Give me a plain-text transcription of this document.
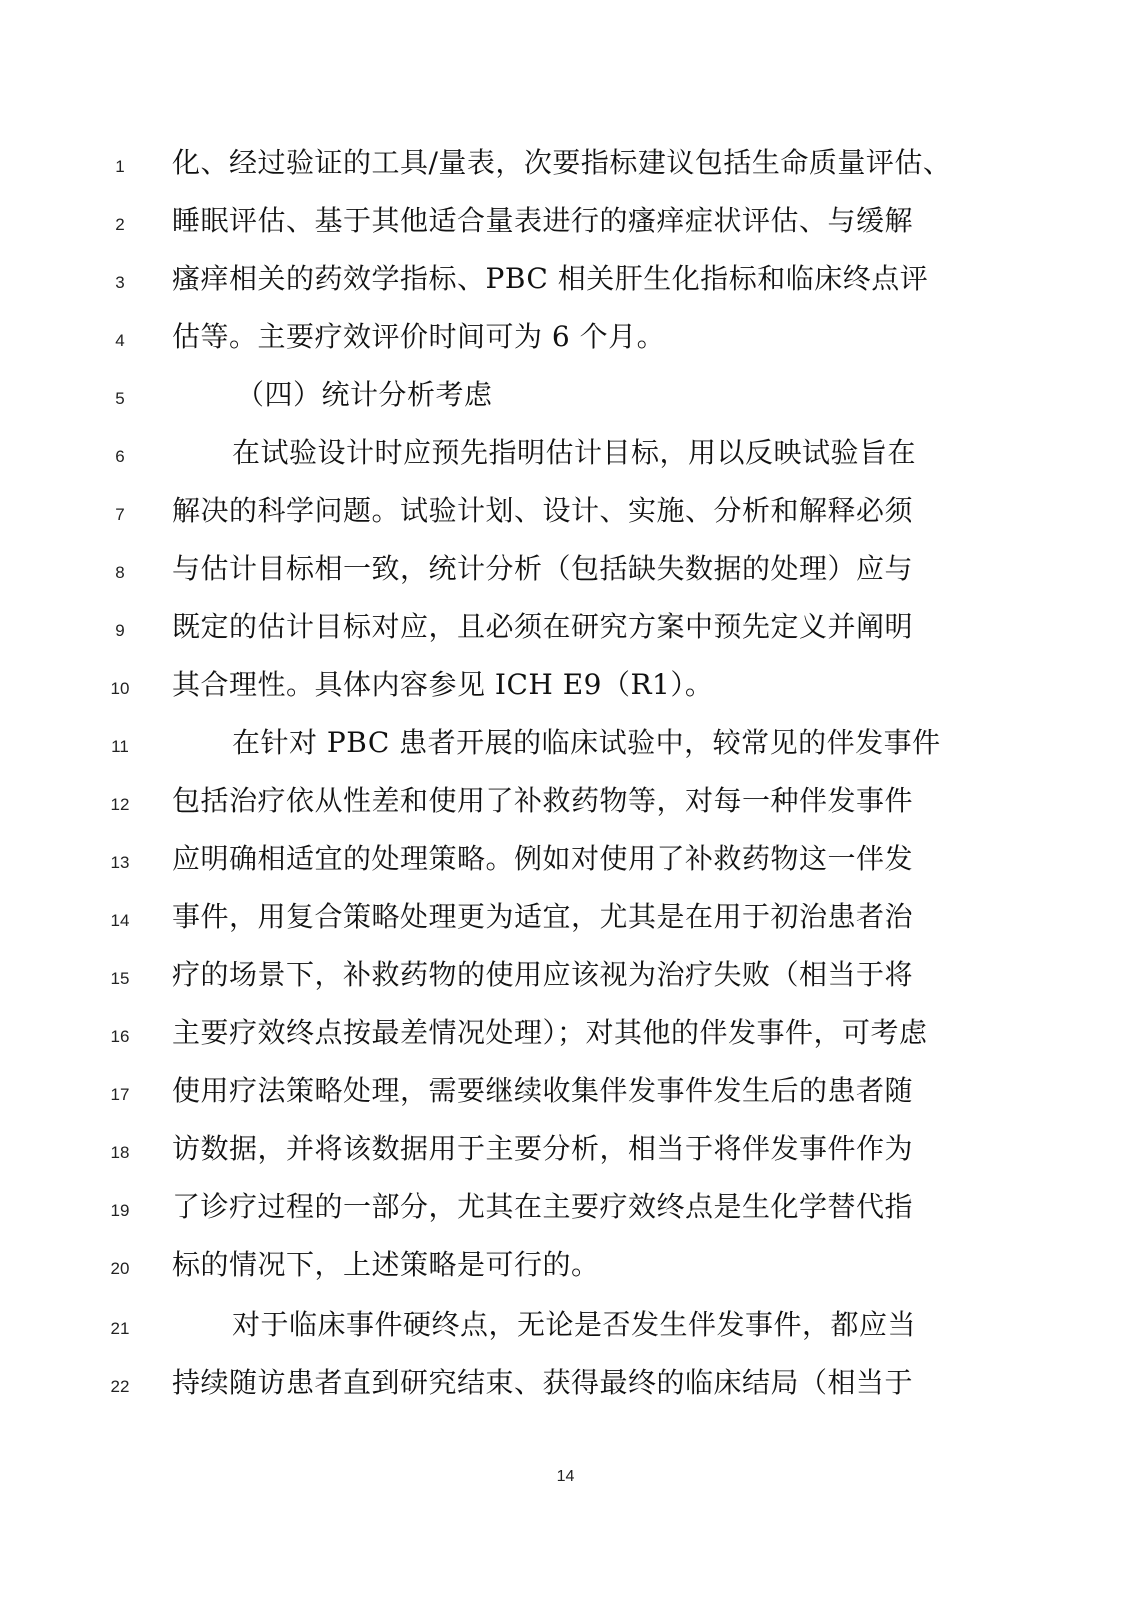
1	化、经过验证的工具/量表，次要指标建议包括生命质量评估、
2	睡眠评估、基于其他适合量表进行的瘙痒症状评估、与缓解
3	瘙痒相关的药效学指标、PBC 相关肝生化指标和临床终点评
4	估等。主要疗效评价时间可为 6 个月。
5	（四）统计分析考虑
6	在试验设计时应预先指明估计目标，用以反映试验旨在
7	解决的科学问题。试验计划、设计、实施、分析和解释必须
8	与估计目标相一致，统计分析（包括缺失数据的处理）应与
9	既定的估计目标对应，且必须在研究方案中预先定义并阐明
10	其合理性。具体内容参见 ICH E9（R1）。
11	在针对 PBC 患者开展的临床试验中，较常见的伴发事件
12	包括治疗依从性差和使用了补救药物等，对每一种伴发事件
13	应明确相适宜的处理策略。例如对使用了补救药物这一伴发
14	事件，用复合策略处理更为适宜，尤其是在用于初治患者治
15	疗的场景下，补救药物的使用应该视为治疗失败（相当于将
16	主要疗效终点按最差情况处理）；对其他的伴发事件，可考虑
17	使用疗法策略处理，需要继续收集伴发事件发生后的患者随
18	访数据，并将该数据用于主要分析，相当于将伴发事件作为
19	了诊疗过程的一部分，尤其在主要疗效终点是生化学替代指
20	标的情况下，上述策略是可行的。
21	对于临床事件硬终点，无论是否发生伴发事件，都应当
22	持续随访患者直到研究结束、获得最终的临床结局（相当于
14
